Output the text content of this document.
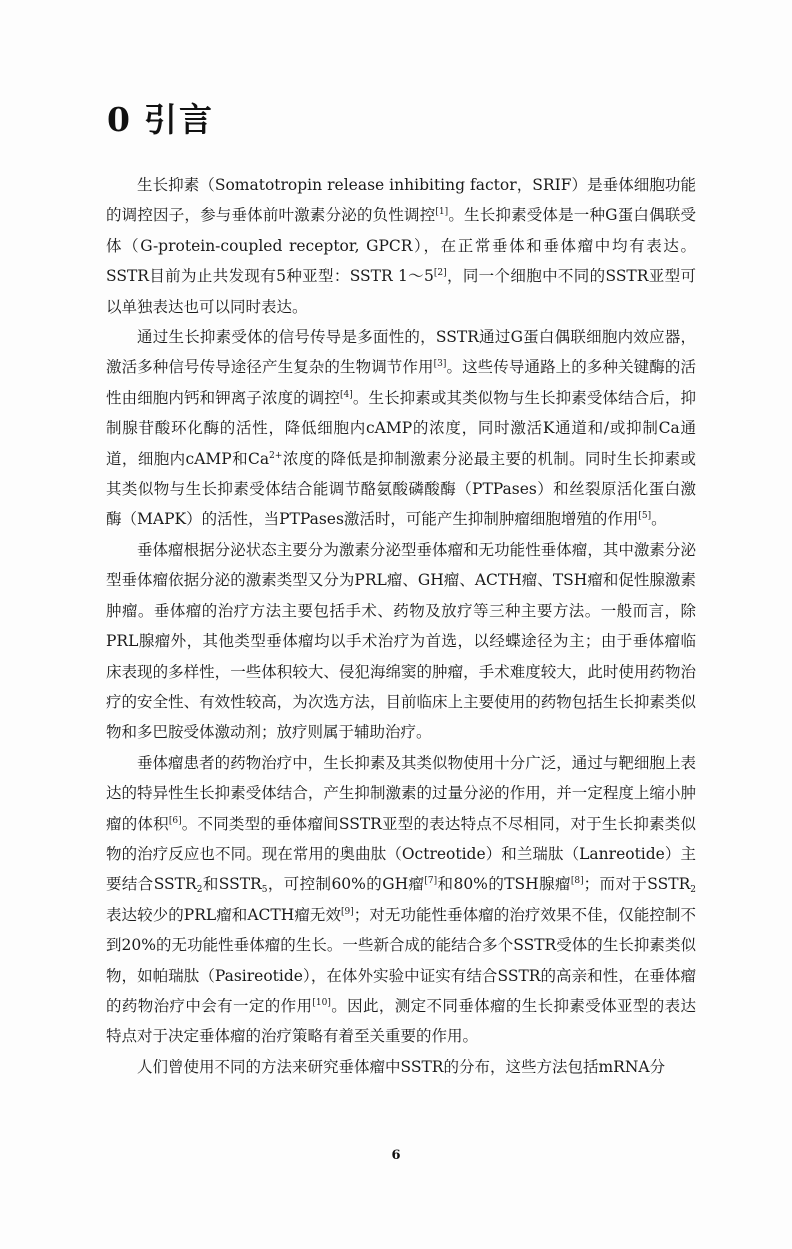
0 引言

生长抑素（Somatotropin release inhibiting factor，SRIF）是垂体细胞功能的调控因子，参与垂体前叶激素分泌的负性调控[1]。生长抑素受体是一种G蛋白偶联受体（G-protein-coupled receptor, GPCR），在正常垂体和垂体瘤中均有表达。SSTR目前为止共发现有5种亚型：SSTR 1～5[2]，同一个细胞中不同的SSTR亚型可以单独表达也可以同时表达。

通过生长抑素受体的信号传导是多面性的，SSTR通过G蛋白偶联细胞内效应器，激活多种信号传导途径产生复杂的生物调节作用[3]。这些传导通路上的多种关键酶的活性由细胞内钙和钾离子浓度的调控[4]。生长抑素或其类似物与生长抑素受体结合后，抑制腺苷酸环化酶的活性，降低细胞内cAMP的浓度，同时激活K通道和/或抑制Ca通道，细胞内cAMP和$Ca^{2+}$浓度的降低是抑制激素分泌最主要的机制。同时生长抑素或其类似物与生长抑素受体结合能调节酪氨酸磷酸酶（PTPases）和丝裂原活化蛋白激酶（MAPK）的活性，当PTPases激活时，可能产生抑制肿瘤细胞增殖的作用[5]。

垂体瘤根据分泌状态主要分为激素分泌型垂体瘤和无功能性垂体瘤，其中激素分泌型垂体瘤依据分泌的激素类型又分为PRL瘤、GH瘤、ACTH瘤、TSH瘤和促性腺激素肿瘤。垂体瘤的治疗方法主要包括手术、药物及放疗等三种主要方法。一般而言，除PRL腺瘤外，其他类型垂体瘤均以手术治疗为首选，以经蝶途径为主；由于垂体瘤临床表现的多样性，一些体积较大、侵犯海绵窦的肿瘤，手术难度较大，此时使用药物治疗的安全性、有效性较高，为次选方法，目前临床上主要使用的药物包括生长抑素类似物和多巴胺受体激动剂；放疗则属于辅助治疗。

垂体瘤患者的药物治疗中，生长抑素及其类似物使用十分广泛，通过与靶细胞上表达的特异性生长抑素受体结合，产生抑制激素的过量分泌的作用，并一定程度上缩小肿瘤的体积[6]。不同类型的垂体瘤间SSTR亚型的表达特点不尽相同，对于生长抑素类似物的治疗反应也不同。现在常用的奥曲肽（Octreotide）和兰瑞肽（Lanreotide）主要结合$SSTR_2$和$SSTR_5$，可控制60%的GH瘤[7]和80%的TSH腺瘤[8]；而对于$SSTR_2$表达较少的PRL瘤和ACTH瘤无效[9]；对无功能性垂体瘤的治疗效果不佳，仅能控制不到20%的无功能性垂体瘤的生长。一些新合成的能结合多个SSTR受体的生长抑素类似物，如帕瑞肽（Pasireotide），在体外实验中证实有结合SSTR的高亲和性，在垂体瘤的药物治疗中会有一定的作用[10]。因此，测定不同垂体瘤的生长抑素受体亚型的表达特点对于决定垂体瘤的治疗策略有着至关重要的作用。

人们曾使用不同的方法来研究垂体瘤中SSTR的分布，这些方法包括mRNA分

6
